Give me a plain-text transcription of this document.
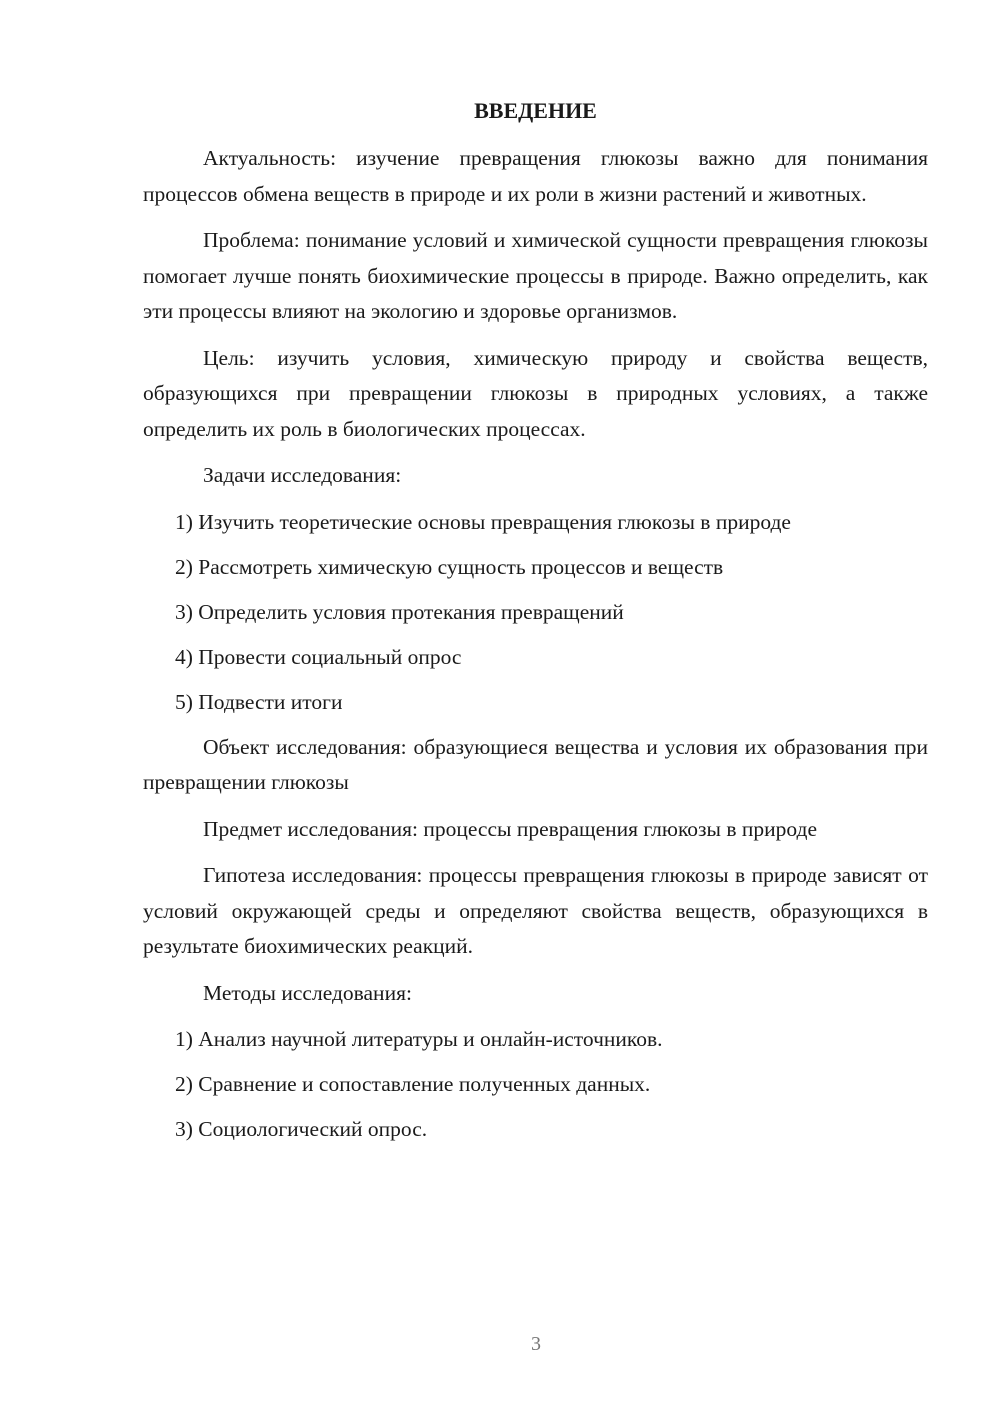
ВВЕДЕНИЕ

Актуальность: изучение превращения глюкозы важно для понимания процессов обмена веществ в природе и их роли в жизни растений и животных.

Проблема: понимание условий и химической сущности превращения глюкозы помогает лучше понять биохимические процессы в природе. Важно определить, как эти процессы влияют на экологию и здоровье организмов.

Цель: изучить условия, химическую природу и свойства веществ, образующихся при превращении глюкозы в природных условиях, а также определить их роль в биологических процессах.

Задачи исследования:

1) Изучить теоретические основы превращения глюкозы в природе
2) Рассмотреть химическую сущность процессов и веществ
3) Определить условия протекания превращений
4) Провести социальный опрос
5) Подвести итоги

Объект исследования: образующиеся вещества и условия их образования при превращении глюкозы

Предмет исследования: процессы превращения глюкозы в природе

Гипотеза исследования: процессы превращения глюкозы в природе зависят от условий окружающей среды и определяют свойства веществ, образующихся в результате биохимических реакций.

Методы исследования:

1) Анализ научной литературы и онлайн-источников.
2) Сравнение и сопоставление полученных данных.
3) Социологический опрос.
3
